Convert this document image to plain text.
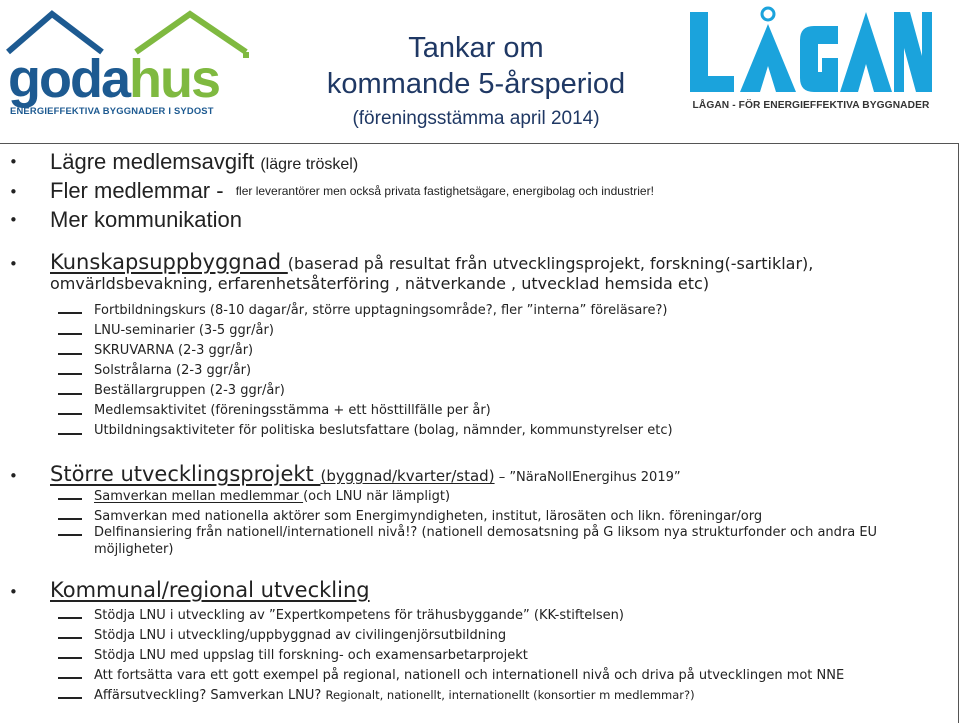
godahus
ENERGIEFFEKTIVA BYGGNADER I SYDOST
Tankar om
kommande 5-årsperiod
(föreningsstämma april 2014)
LÅGAN - FÖR ENERGIEFFEKTIVA BYGGNADER
• Lägre medlemsavgift (lägre tröskel)
• Fler medlemmar - fler leverantörer men också privata fastighetsägare, energibolag och industrier!
• Mer kommunikation
• Kunskapsuppbyggnad (baserad på resultat från utvecklingsprojekt, forskning(-sartiklar),
omvärldsbevakning, erfarenhetsåterföring , nätverkande , utvecklad hemsida etc)
Fortbildningskurs (8-10 dagar/år, större upptagningsområde?, fler ”interna” föreläsare?)
LNU-seminarier (3-5 ggr/år)
SKRUVARNA (2-3 ggr/år)
Solstrålarna (2-3 ggr/år)
Beställargruppen (2-3 ggr/år)
Medlemsaktivitet (föreningsstämma + ett hösttillfälle per år)
Utbildningsaktiviteter för politiska beslutsfattare (bolag, nämnder, kommunstyrelser etc)
• Större utvecklingsprojekt (byggnad/kvarter/stad) – ”NäraNollEnergihus 2019”
Samverkan mellan medlemmar (och LNU när lämpligt)
Samverkan med nationella aktörer som Energimyndigheten, institut, lärosäten och likn. föreningar/org
Delfinansiering från nationell/internationell nivå!? (nationell demosatsning på G liksom nya strukturfonder och andra EU
möjligheter)
• Kommunal/regional utveckling
Stödja LNU i utveckling av ”Expertkompetens för trähusbyggande” (KK-stiftelsen)
Stödja LNU i utveckling/uppbyggnad av civilingenjörsutbildning
Stödja LNU med uppslag till forskning- och examensarbetarprojekt
Att fortsätta vara ett gott exempel på regional, nationell och internationell nivå och driva på utvecklingen mot NNE
Affärsutveckling? Samverkan LNU? Regionalt, nationellt, internationellt (konsortier m medlemmar?)
